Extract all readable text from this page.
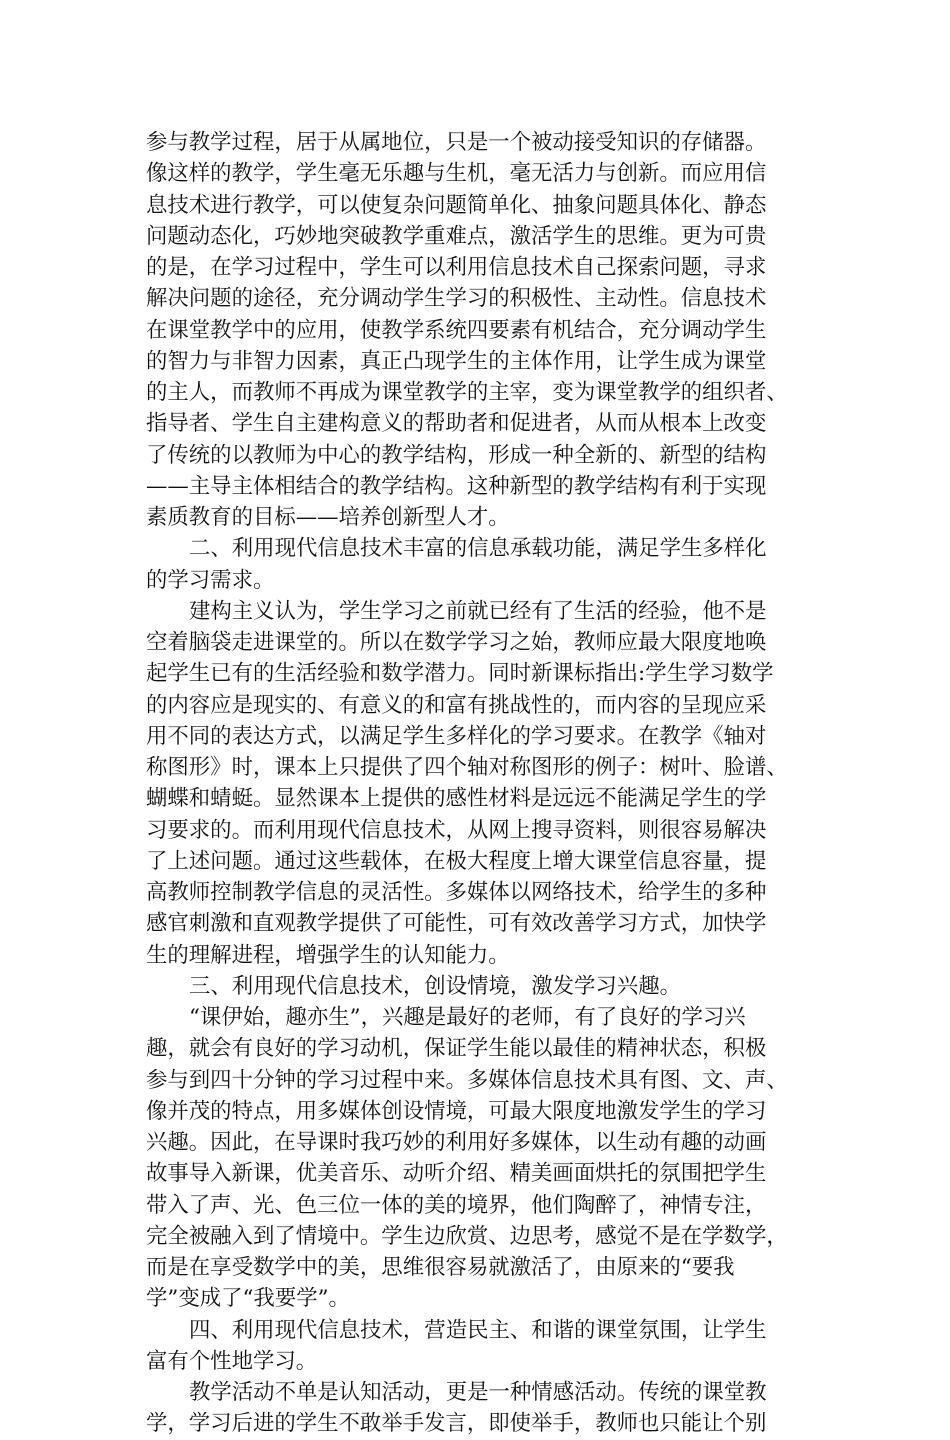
参与教学过程，居于从属地位，只是一个被动接受知识的存储器。
像这样的教学，学生毫无乐趣与生机，毫无活力与创新。而应用信
息技术进行教学，可以使复杂问题简单化、抽象问题具体化、静态
问题动态化，巧妙地突破教学重难点，激活学生的思维。更为可贵
的是，在学习过程中，学生可以利用信息技术自己探索问题，寻求
解决问题的途径，充分调动学生学习的积极性、主动性。信息技术
在课堂教学中的应用，使教学系统四要素有机结合，充分调动学生
的智力与非智力因素，真正凸现学生的主体作用，让学生成为课堂
的主人，而教师不再成为课堂教学的主宰，变为课堂教学的组织者、
指导者、学生自主建构意义的帮助者和促进者，从而从根本上改变
了传统的以教师为中心的教学结构，形成一种全新的、新型的结构
——主导主体相结合的教学结构。这种新型的教学结构有利于实现
素质教育的目标——培养创新型人才。
二、利用现代信息技术丰富的信息承载功能，满足学生多样化
的学习需求。
建构主义认为，学生学习之前就已经有了生活的经验，他不是
空着脑袋走进课堂的。所以在数学学习之始，教师应最大限度地唤
起学生已有的生活经验和数学潜力。同时新课标指出:学生学习数学
的内容应是现实的、有意义的和富有挑战性的，而内容的呈现应采
用不同的表达方式，以满足学生多样化的学习要求。在教学《轴对
称图形》时，课本上只提供了四个轴对称图形的例子：树叶、脸谱、
蝴蝶和蜻蜓。显然课本上提供的感性材料是远远不能满足学生的学
习要求的。而利用现代信息技术，从网上搜寻资料，则很容易解决
了上述问题。通过这些载体，在极大程度上增大课堂信息容量，提
高教师控制教学信息的灵活性。多媒体以网络技术，给学生的多种
感官刺激和直观教学提供了可能性，可有效改善学习方式，加快学
生的理解进程，增强学生的认知能力。
三、利用现代信息技术，创设情境，激发学习兴趣。
“课伊始，趣亦生”，兴趣是最好的老师，有了良好的学习兴
趣，就会有良好的学习动机，保证学生能以最佳的精神状态，积极
参与到四十分钟的学习过程中来。多媒体信息技术具有图、文、声、
像并茂的特点，用多媒体创设情境，可最大限度地激发学生的学习
兴趣。因此，在导课时我巧妙的利用好多媒体，以生动有趣的动画
故事导入新课，优美音乐、动听介绍、精美画面烘托的氛围把学生
带入了声、光、色三位一体的美的境界，他们陶醉了，神情专注，
完全被融入到了情境中。学生边欣赏、边思考，感觉不是在学数学，
而是在享受数学中的美，思维很容易就激活了，由原来的“要我
学”变成了“我要学”。
四、利用现代信息技术，营造民主、和谐的课堂氛围，让学生
富有个性地学习。
教学活动不单是认知活动，更是一种情感活动。传统的课堂教
学，学习后进的学生不敢举手发言，即使举手，教师也只能让个别
